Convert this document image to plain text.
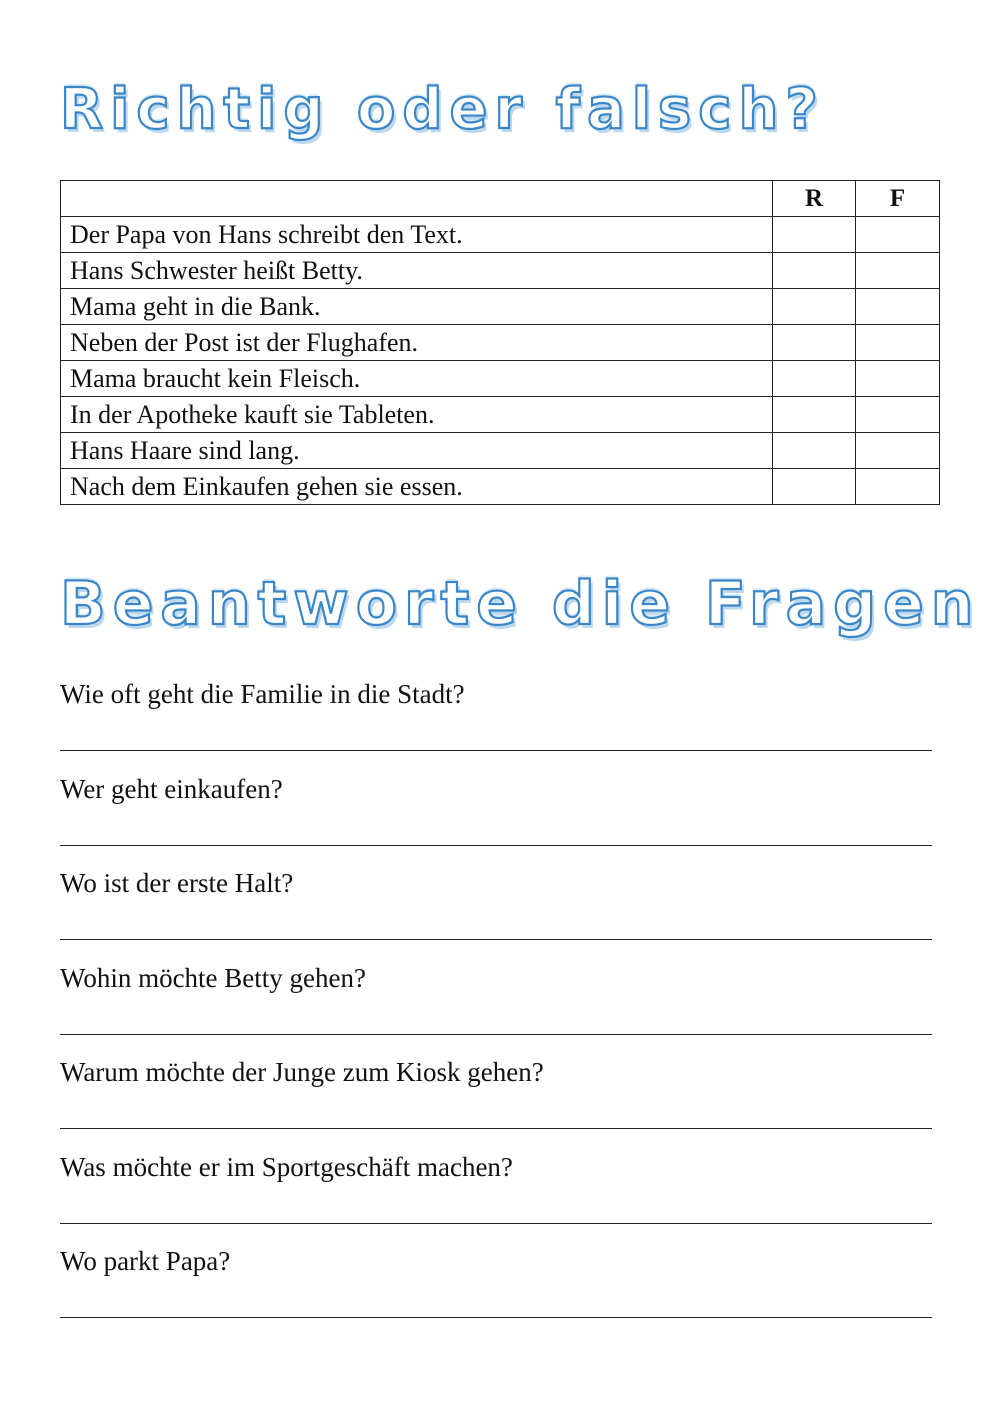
Richtig oder falsch?
	R	F
Der Papa von Hans schreibt den Text.		
Hans Schwester heißt Betty.		
Mama geht in die Bank.		
Neben der Post ist der Flughafen.		
Mama braucht kein Fleisch.		
In der Apotheke kauft sie Tableten.		
Hans Haare sind lang.		
Nach dem Einkaufen gehen sie essen.		
Beantworte die Fragen
Wie oft geht die Familie in die Stadt?
Wer geht einkaufen?
Wo ist der erste Halt?
Wohin möchte Betty gehen?
Warum möchte der Junge zum Kiosk gehen?
Was möchte er im Sportgeschäft machen?
Wo parkt Papa?
